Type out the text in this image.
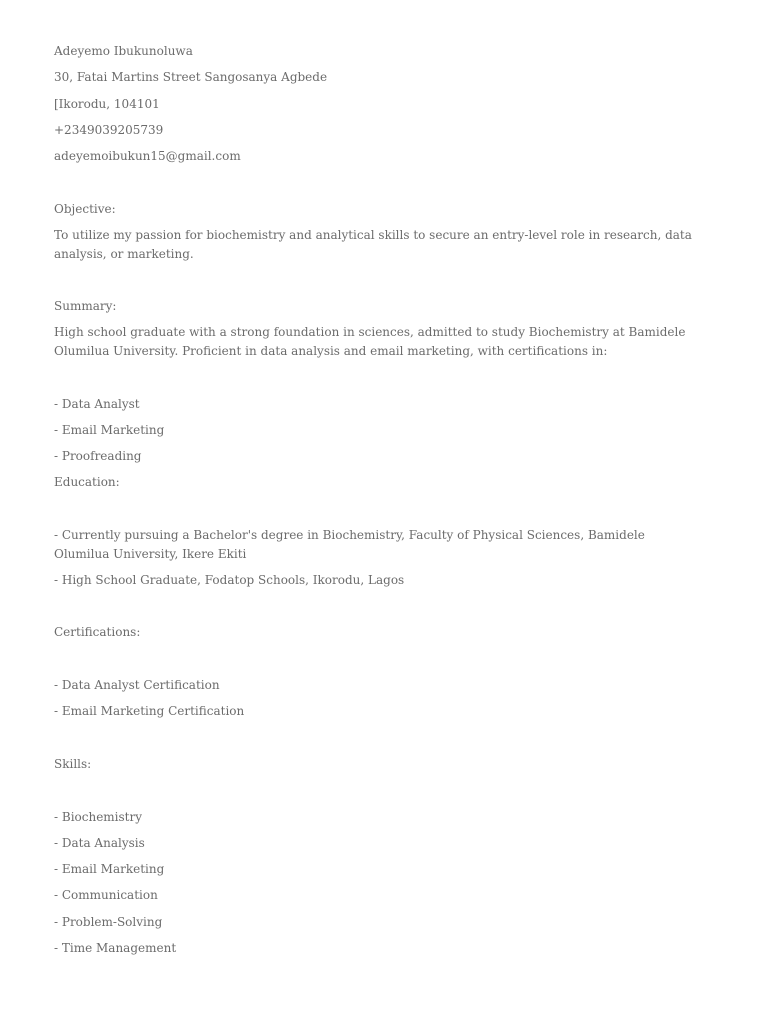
Adeyemo Ibukunoluwa
30, Fatai Martins Street Sangosanya Agbede
[Ikorodu, 104101
+2349039205739
adeyemoibukun15@gmail.com
Objective:
To utilize my passion for biochemistry and analytical skills to secure an entry-level role in research, data analysis, or marketing.
Summary:
High school graduate with a strong foundation in sciences, admitted to study Biochemistry at Bamidele Olumilua University. Proficient in data analysis and email marketing, with certifications in:
- Data Analyst
- Email Marketing
- Proofreading
Education:
- Currently pursuing a Bachelor's degree in Biochemistry, Faculty of Physical Sciences, Bamidele Olumilua University, Ikere Ekiti
- High School Graduate, Fodatop Schools, Ikorodu, Lagos
Certifications:
- Data Analyst Certification
- Email Marketing Certification
Skills:
- Biochemistry
- Data Analysis
- Email Marketing
- Communication
- Problem-Solving
- Time Management
